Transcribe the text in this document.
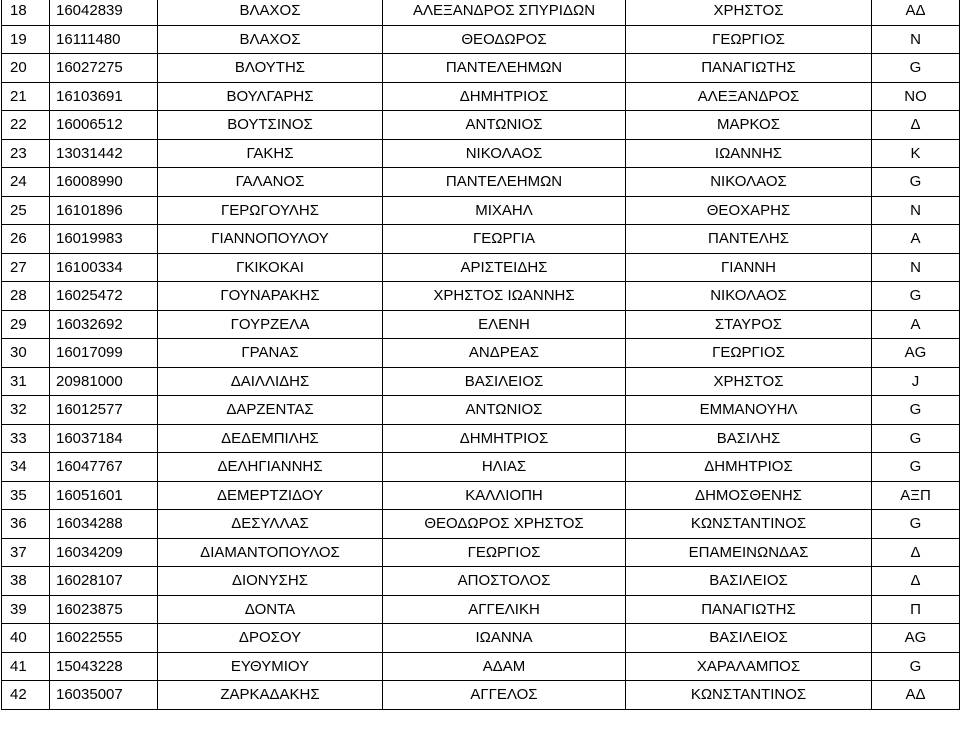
18	16042839	ΒΛΑΧΟΣ	ΑΛΕΞΑΝΔΡΟΣ ΣΠΥΡΙΔΩΝ	ΧΡΗΣΤΟΣ	ΑΔ
19	16111480	ΒΛΑΧΟΣ	ΘΕΟΔΩΡΟΣ	ΓΕΩΡΓΙΟΣ	Ν
20	16027275	ΒΛΟΥΤΗΣ	ΠΑΝΤΕΛΕΗΜΩΝ	ΠΑΝΑΓΙΩΤΗΣ	G
21	16103691	ΒΟΥΛΓΑΡΗΣ	ΔΗΜΗΤΡΙΟΣ	ΑΛΕΞΑΝΔΡΟΣ	ΝΟ
22	16006512	ΒΟΥΤΣΙΝΟΣ	ΑΝΤΩΝΙΟΣ	ΜΑΡΚΟΣ	Δ
23	13031442	ΓΑΚΗΣ	ΝΙΚΟΛΑΟΣ	ΙΩΑΝΝΗΣ	Κ
24	16008990	ΓΑΛΑΝΟΣ	ΠΑΝΤΕΛΕΗΜΩΝ	ΝΙΚΟΛΑΟΣ	G
25	16101896	ΓΕΡΩΓΟΥΛΗΣ	ΜΙΧΑΗΛ	ΘΕΟΧΑΡΗΣ	Ν
26	16019983	ΓΙΑΝΝΟΠΟΥΛΟΥ	ΓΕΩΡΓΙΑ	ΠΑΝΤΕΛΗΣ	Α
27	16100334	ΓΚΙΚΟΚΑΙ	ΑΡΙΣΤΕΙΔΗΣ	ΓΙΑΝΝΗ	Ν
28	16025472	ΓΟΥΝΑΡΑΚΗΣ	ΧΡΗΣΤΟΣ ΙΩΑΝΝΗΣ	ΝΙΚΟΛΑΟΣ	G
29	16032692	ΓΟΥΡΖΕΛΑ	ΕΛΕΝΗ	ΣΤΑΥΡΟΣ	Α
30	16017099	ΓΡΑΝΑΣ	ΑΝΔΡΕΑΣ	ΓΕΩΡΓΙΟΣ	AG
31	20981000	ΔΑΙΛΛΙΔΗΣ	ΒΑΣΙΛΕΙΟΣ	ΧΡΗΣΤΟΣ	J
32	16012577	ΔΑΡΖΕΝΤΑΣ	ΑΝΤΩΝΙΟΣ	ΕΜΜΑΝΟΥΗΛ	G
33	16037184	ΔΕΔΕΜΠΙΛΗΣ	ΔΗΜΗΤΡΙΟΣ	ΒΑΣΙΛΗΣ	G
34	16047767	ΔΕΛΗΓΙΑΝΝΗΣ	ΗΛΙΑΣ	ΔΗΜΗΤΡΙΟΣ	G
35	16051601	ΔΕΜΕΡΤΖΙΔΟΥ	ΚΑΛΛΙΟΠΗ	ΔΗΜΟΣΘΕΝΗΣ	ΑΞΠ
36	16034288	ΔΕΣΥΛΛΑΣ	ΘΕΟΔΩΡΟΣ ΧΡΗΣΤΟΣ	ΚΩΝΣΤΑΝΤΙΝΟΣ	G
37	16034209	ΔΙΑΜΑΝΤΟΠΟΥΛΟΣ	ΓΕΩΡΓΙΟΣ	ΕΠΑΜΕΙΝΩΝΔΑΣ	Δ
38	16028107	ΔΙΟΝΥΣΗΣ	ΑΠΟΣΤΟΛΟΣ	ΒΑΣΙΛΕΙΟΣ	Δ
39	16023875	ΔΟΝΤΑ	ΑΓΓΕΛΙΚΗ	ΠΑΝΑΓΙΩΤΗΣ	Π
40	16022555	ΔΡΟΣΟΥ	ΙΩΑΝΝΑ	ΒΑΣΙΛΕΙΟΣ	AG
41	15043228	ΕΥΘΥΜΙΟΥ	ΑΔΑΜ	ΧΑΡΑΛΑΜΠΟΣ	G
42	16035007	ΖΑΡΚΑΔΑΚΗΣ	ΑΓΓΕΛΟΣ	ΚΩΝΣΤΑΝΤΙΝΟΣ	ΑΔ
